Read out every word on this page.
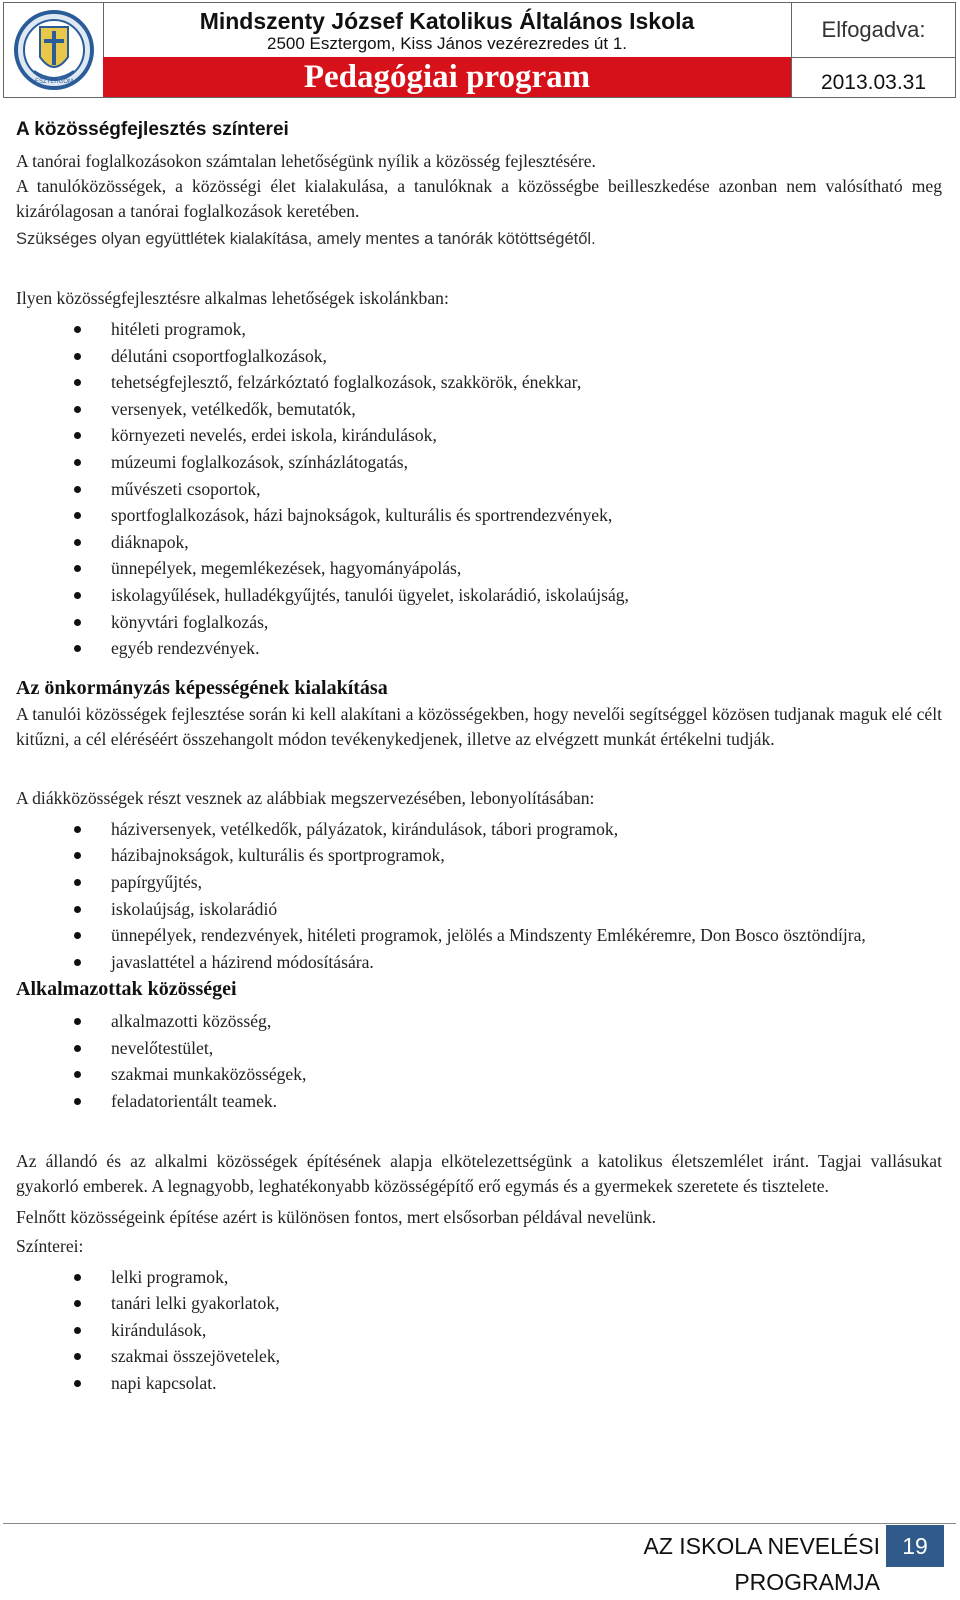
ESZTERGOM
Mindszenty József Katolikus Általános Iskola
2500 Esztergom, Kiss János vezérezredes út 1.
Pedagógiai program
Elfogadva:
2013.03.31
A közösségfejlesztés színterei

A tanórai foglalkozásokon számtalan lehetőségünk nyílik a közösség fejlesztésére.

A tanulóközösségek, a közösségi élet kialakulása, a tanulóknak a közösségbe beilleszkedése azonban nem valósítható meg kizárólagosan a tanórai foglalkozások keretében.

Szükséges olyan együttlétek kialakítása, amely mentes a tanórák kötöttségétől.

Ilyen közösségfejlesztésre alkalmas lehetőségek iskolánkban:

hitéleti programok,
délutáni csoportfoglalkozások,
tehetségfejlesztő, felzárkóztató foglalkozások, szakkörök, énekkar,
versenyek, vetélkedők, bemutatók,
környezeti nevelés, erdei iskola, kirándulások,
múzeumi foglalkozások, színházlátogatás,
művészeti csoportok,
sportfoglalkozások, házi bajnokságok, kulturális és sportrendezvények,
diáknapok,
ünnepélyek, megemlékezések, hagyományápolás,
iskolagyűlések, hulladékgyűjtés, tanulói ügyelet, iskolarádió, iskolaújság,
könyvtári foglalkozás,
egyéb rendezvények.
Az önkormányzás képességének kialakítása

A tanulói közösségek fejlesztése során ki kell alakítani a közösségekben, hogy nevelői segítséggel közösen tudjanak maguk elé célt kitűzni, a cél eléréséért összehangolt módon tevékenykedjenek, illetve az elvégzett munkát értékelni tudják.

A diákközösségek részt vesznek az alábbiak megszervezésében, lebonyolításában:

háziversenyek, vetélkedők, pályázatok, kirándulások, tábori programok,
házibajnokságok, kulturális és sportprogramok,
papírgyűjtés,
iskolaújság, iskolarádió
ünnepélyek, rendezvények, hitéleti programok, jelölés a Mindszenty Emlékéremre, Don Bosco ösztöndíjra,
javaslattétel a házirend módosítására.
Alkalmazottak közösségei
alkalmazotti közösség,
nevelőtestület,
szakmai munkaközösségek,
feladatorientált teamek.

Az állandó és az alkalmi közösségek építésének alapja elkötelezettségünk a katolikus életszemlélet iránt. Tagjai vallásukat gyakorló emberek. A legnagyobb, leghatékonyabb közösségépítő erő egymás és a gyermekek szeretete és tisztelete.

Felnőtt közösségeink építése azért is különösen fontos, mert elsősorban példával nevelünk.

Színterei:

lelki programok,
tanári lelki gyakorlatok,
kirándulások,
szakmai összejövetelek,
napi kapcsolat.
AZ ISKOLA NEVELÉSI PROGRAMJA
19
